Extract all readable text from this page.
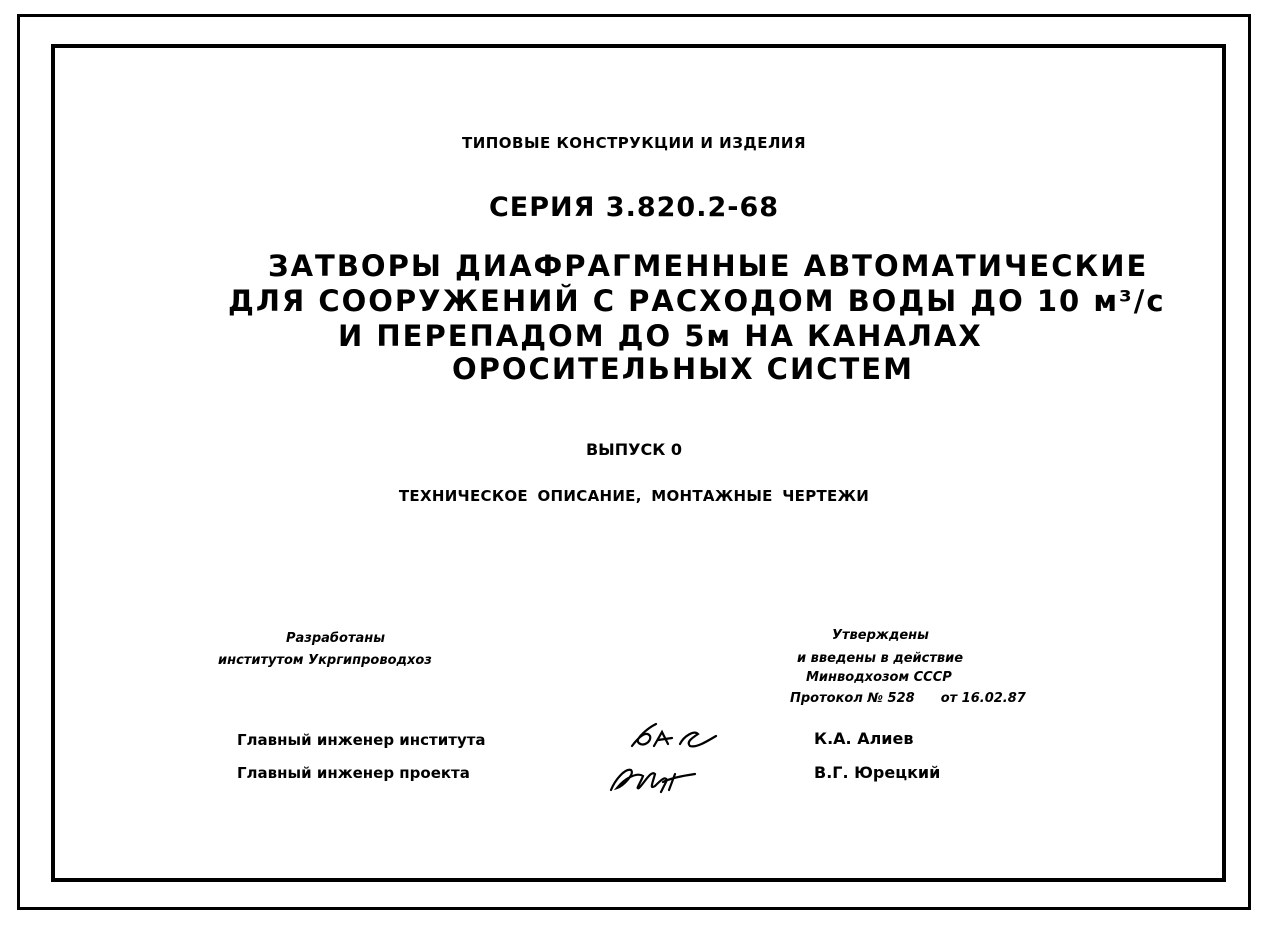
ТИПОВЫЕ КОНСТРУКЦИИ И ИЗДЕЛИЯ
СЕРИЯ 3.820.2-68
ЗАТВОРЫ ДИАФРАГМЕННЫЕ АВТОМАТИЧЕСКИЕ
ДЛЯ СООРУЖЕНИЙ С РАСХОДОМ ВОДЫ ДО 10 м³/с
И ПЕРЕПАДОМ ДО 5м НА КАНАЛАХ
ОРОСИТЕЛЬНЫХ СИСТЕМ
ВЫПУСК 0
ТЕХНИЧЕСКОЕ ОПИСАНИЕ, МОНТАЖНЫЕ ЧЕРТЕЖИ
Разработаны
институтом Укргипроводхоз
Утверждены
и введены в действие
Минводхозом СССР
Протокол № 528 от 16.02.87
Главный инженер института
Главный инженер проекта
К.А. Алиев
В.Г. Юрецкий
